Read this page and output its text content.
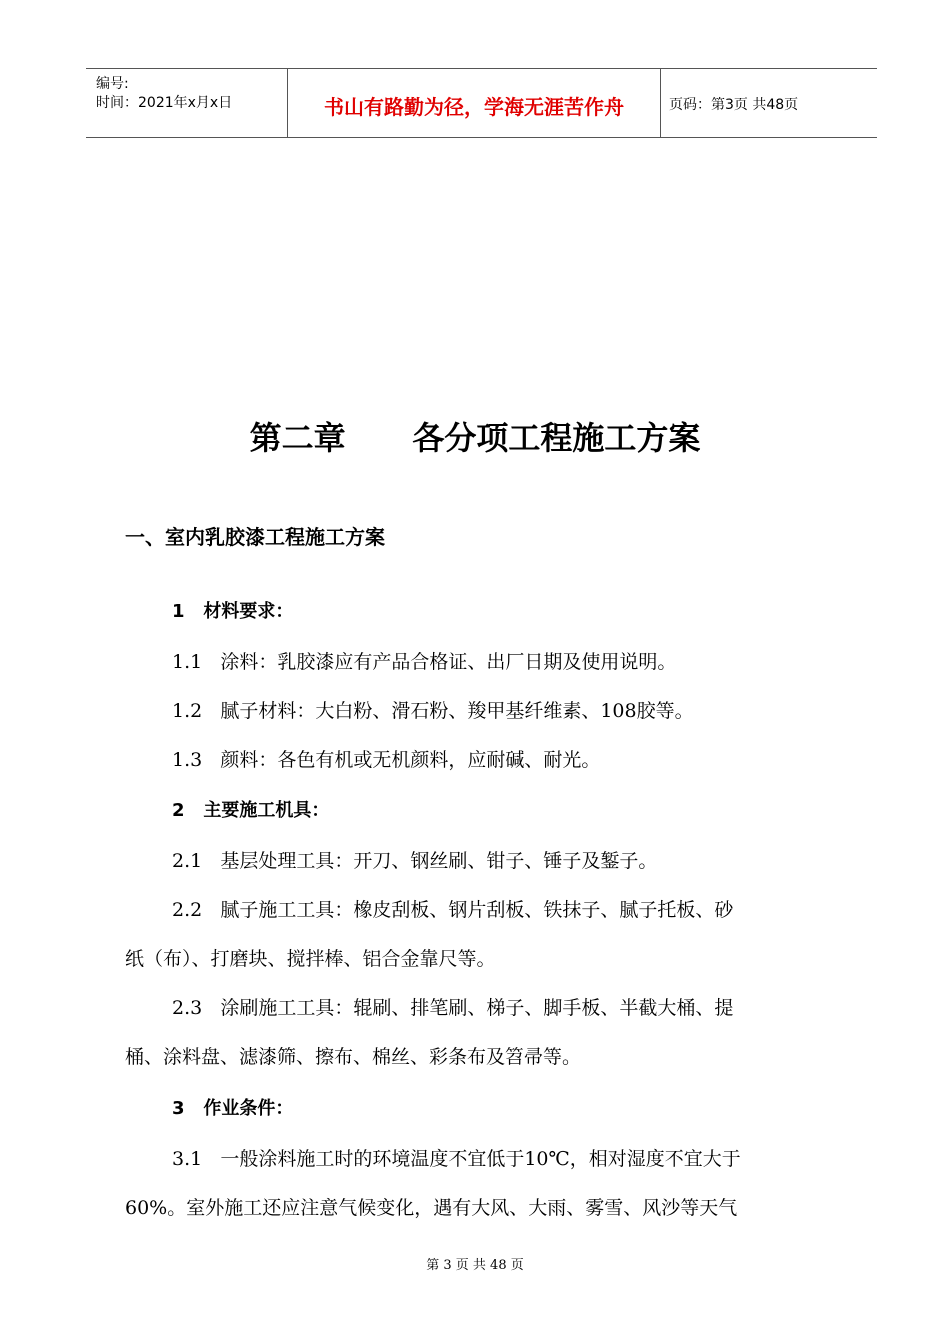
编号:
时间：2021年x月x日	书山有路勤为径，学海无涯苦作舟	页码：第3页 共48页
第二章      各分项工程施工方案
一、室内乳胶漆工程施工方案
1   材料要求：
1.1   涂料：乳胶漆应有产品合格证、出厂日期及使用说明。
1.2   腻子材料：大白粉、滑石粉、羧甲基纤维素、108胶等。
1.3   颜料：各色有机或无机颜料，应耐碱、耐光。
2   主要施工机具：
2.1   基层处理工具：开刀、钢丝刷、钳子、锤子及錾子。
2.2   腻子施工工具：橡皮刮板、钢片刮板、铁抹子、腻子托板、砂
纸（布）、打磨块、搅拌棒、铝合金靠尺等。
2.3   涂刷施工工具：辊刷、排笔刷、梯子、脚手板、半截大桶、提
桶、涂料盘、滤漆筛、擦布、棉丝、彩条布及笤帚等。
3   作业条件：
3.1   一般涂料施工时的环境温度不宜低于10℃，相对湿度不宜大于
60%。室外施工还应注意气候变化，遇有大风、大雨、雾雪、风沙等天气
第 3 页 共 48 页
